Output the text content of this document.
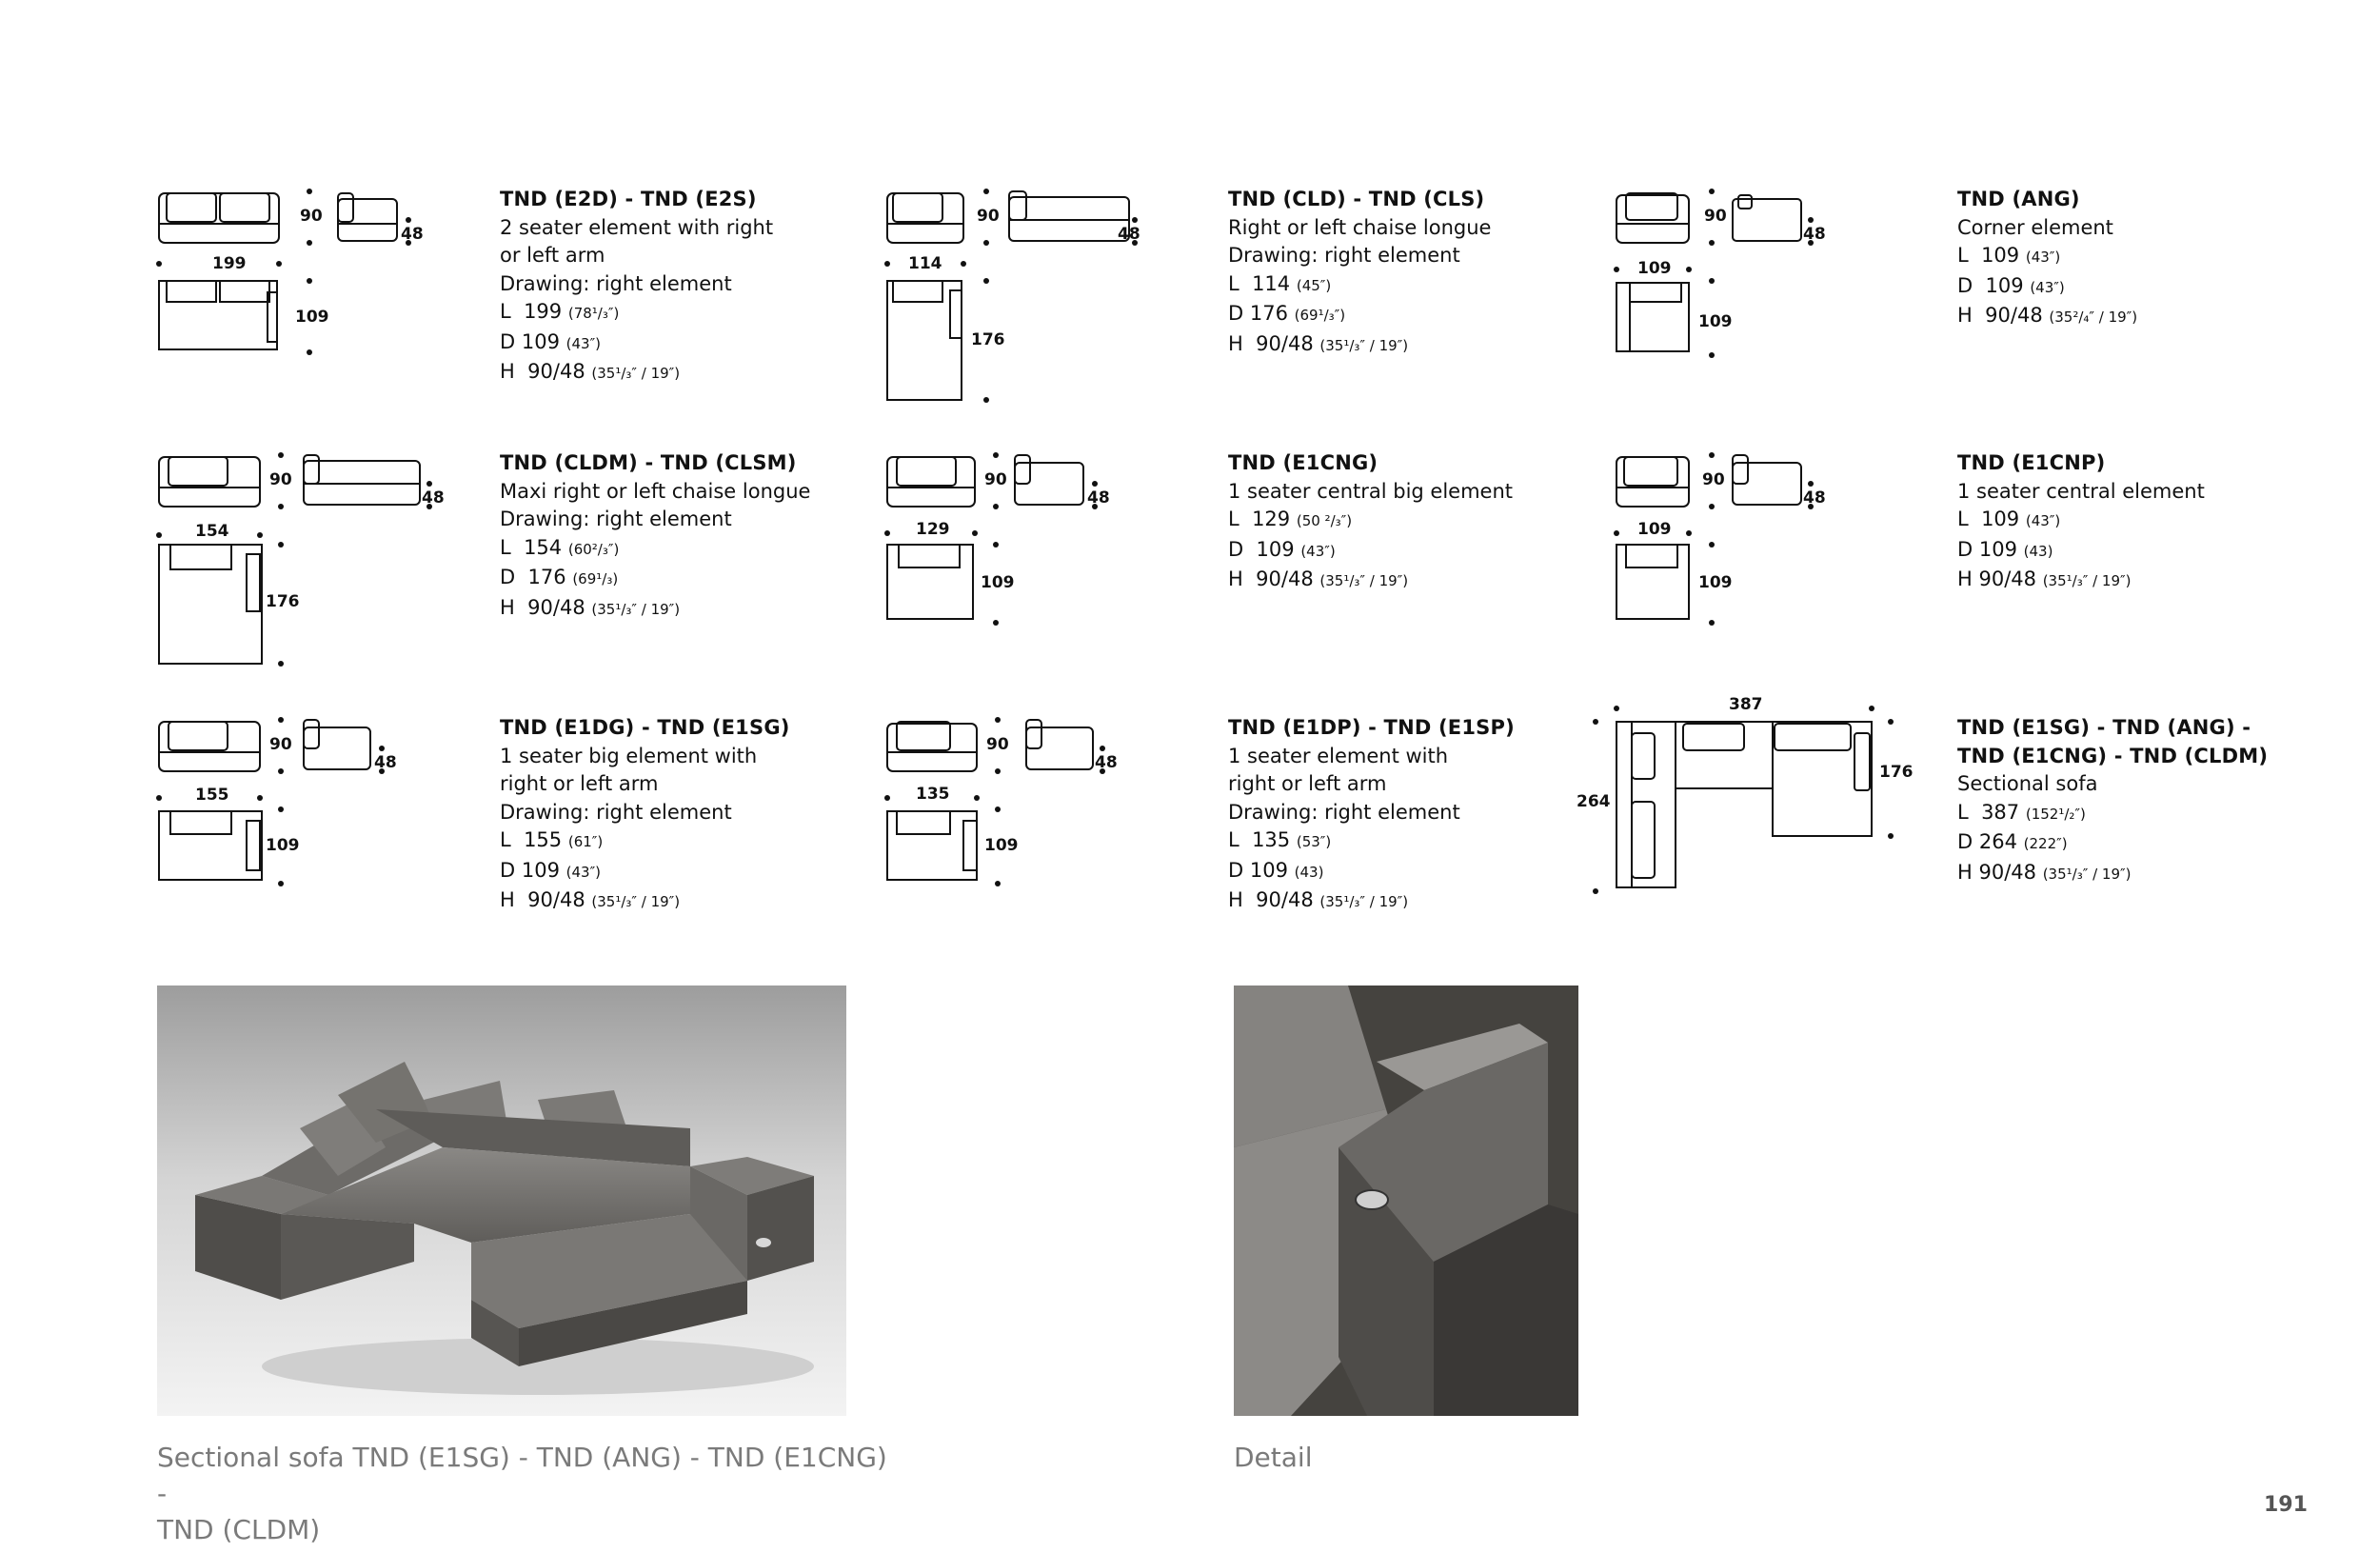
199
90
48
109
TND (E2D) - TND (E2S)
2 seater element with right
or left arm
Drawing: right element
L 199 (78¹/₃″)
D 109 (43″)
H 90/48 (35¹/₃″ / 19″)
114
90
48
176
TND (CLD) - TND (CLS)
Right or left chaise longue
Drawing: right element
L 114 (45″)
D 176 (69¹/₃″)
H 90/48 (35¹/₃″ / 19″)
109
90
48
109
TND (ANG)
Corner element
L 109 (43″)
D 109 (43″)
H 90/48 (35²/₄″ / 19″)
154
90
48
176
TND (CLDM) - TND (CLSM)
Maxi right or left chaise longue
Drawing: right element
L 154 (60²/₃″)
D 176 (69¹/₃)
H 90/48 (35¹/₃″ / 19″)
129
90
48
109
TND (E1CNG)
1 seater central big element
L 129 (50 ²/₃″)
D 109 (43″)
H 90/48 (35¹/₃″ / 19″)
109
90
48
109
TND (E1CNP)
1 seater central element
L 109 (43″)
D 109 (43)
H 90/48 (35¹/₃″ / 19″)
155
90
48
109
TND (E1DG) - TND (E1SG)
1 seater big element with
right or left arm
Drawing: right element
L 155 (61″)
D 109 (43″)
H 90/48 (35¹/₃″ / 19″)
135
90
48
109
TND (E1DP) - TND (E1SP)
1 seater element with
right or left arm
Drawing: right element
L 135 (53″)
D 109 (43)
H 90/48 (35¹/₃″ / 19″)
387
264
176
TND (E1SG) - TND (ANG) -
TND (E1CNG) - TND (CLDM)
Sectional sofa
L 387 (152¹/₂″)
D 264 (222″)
H 90/48 (35¹/₃″ / 19″)
Sectional sofa TND (E1SG) - TND (ANG) - TND (E1CNG) -
TND (CLDM)
Detail
191
